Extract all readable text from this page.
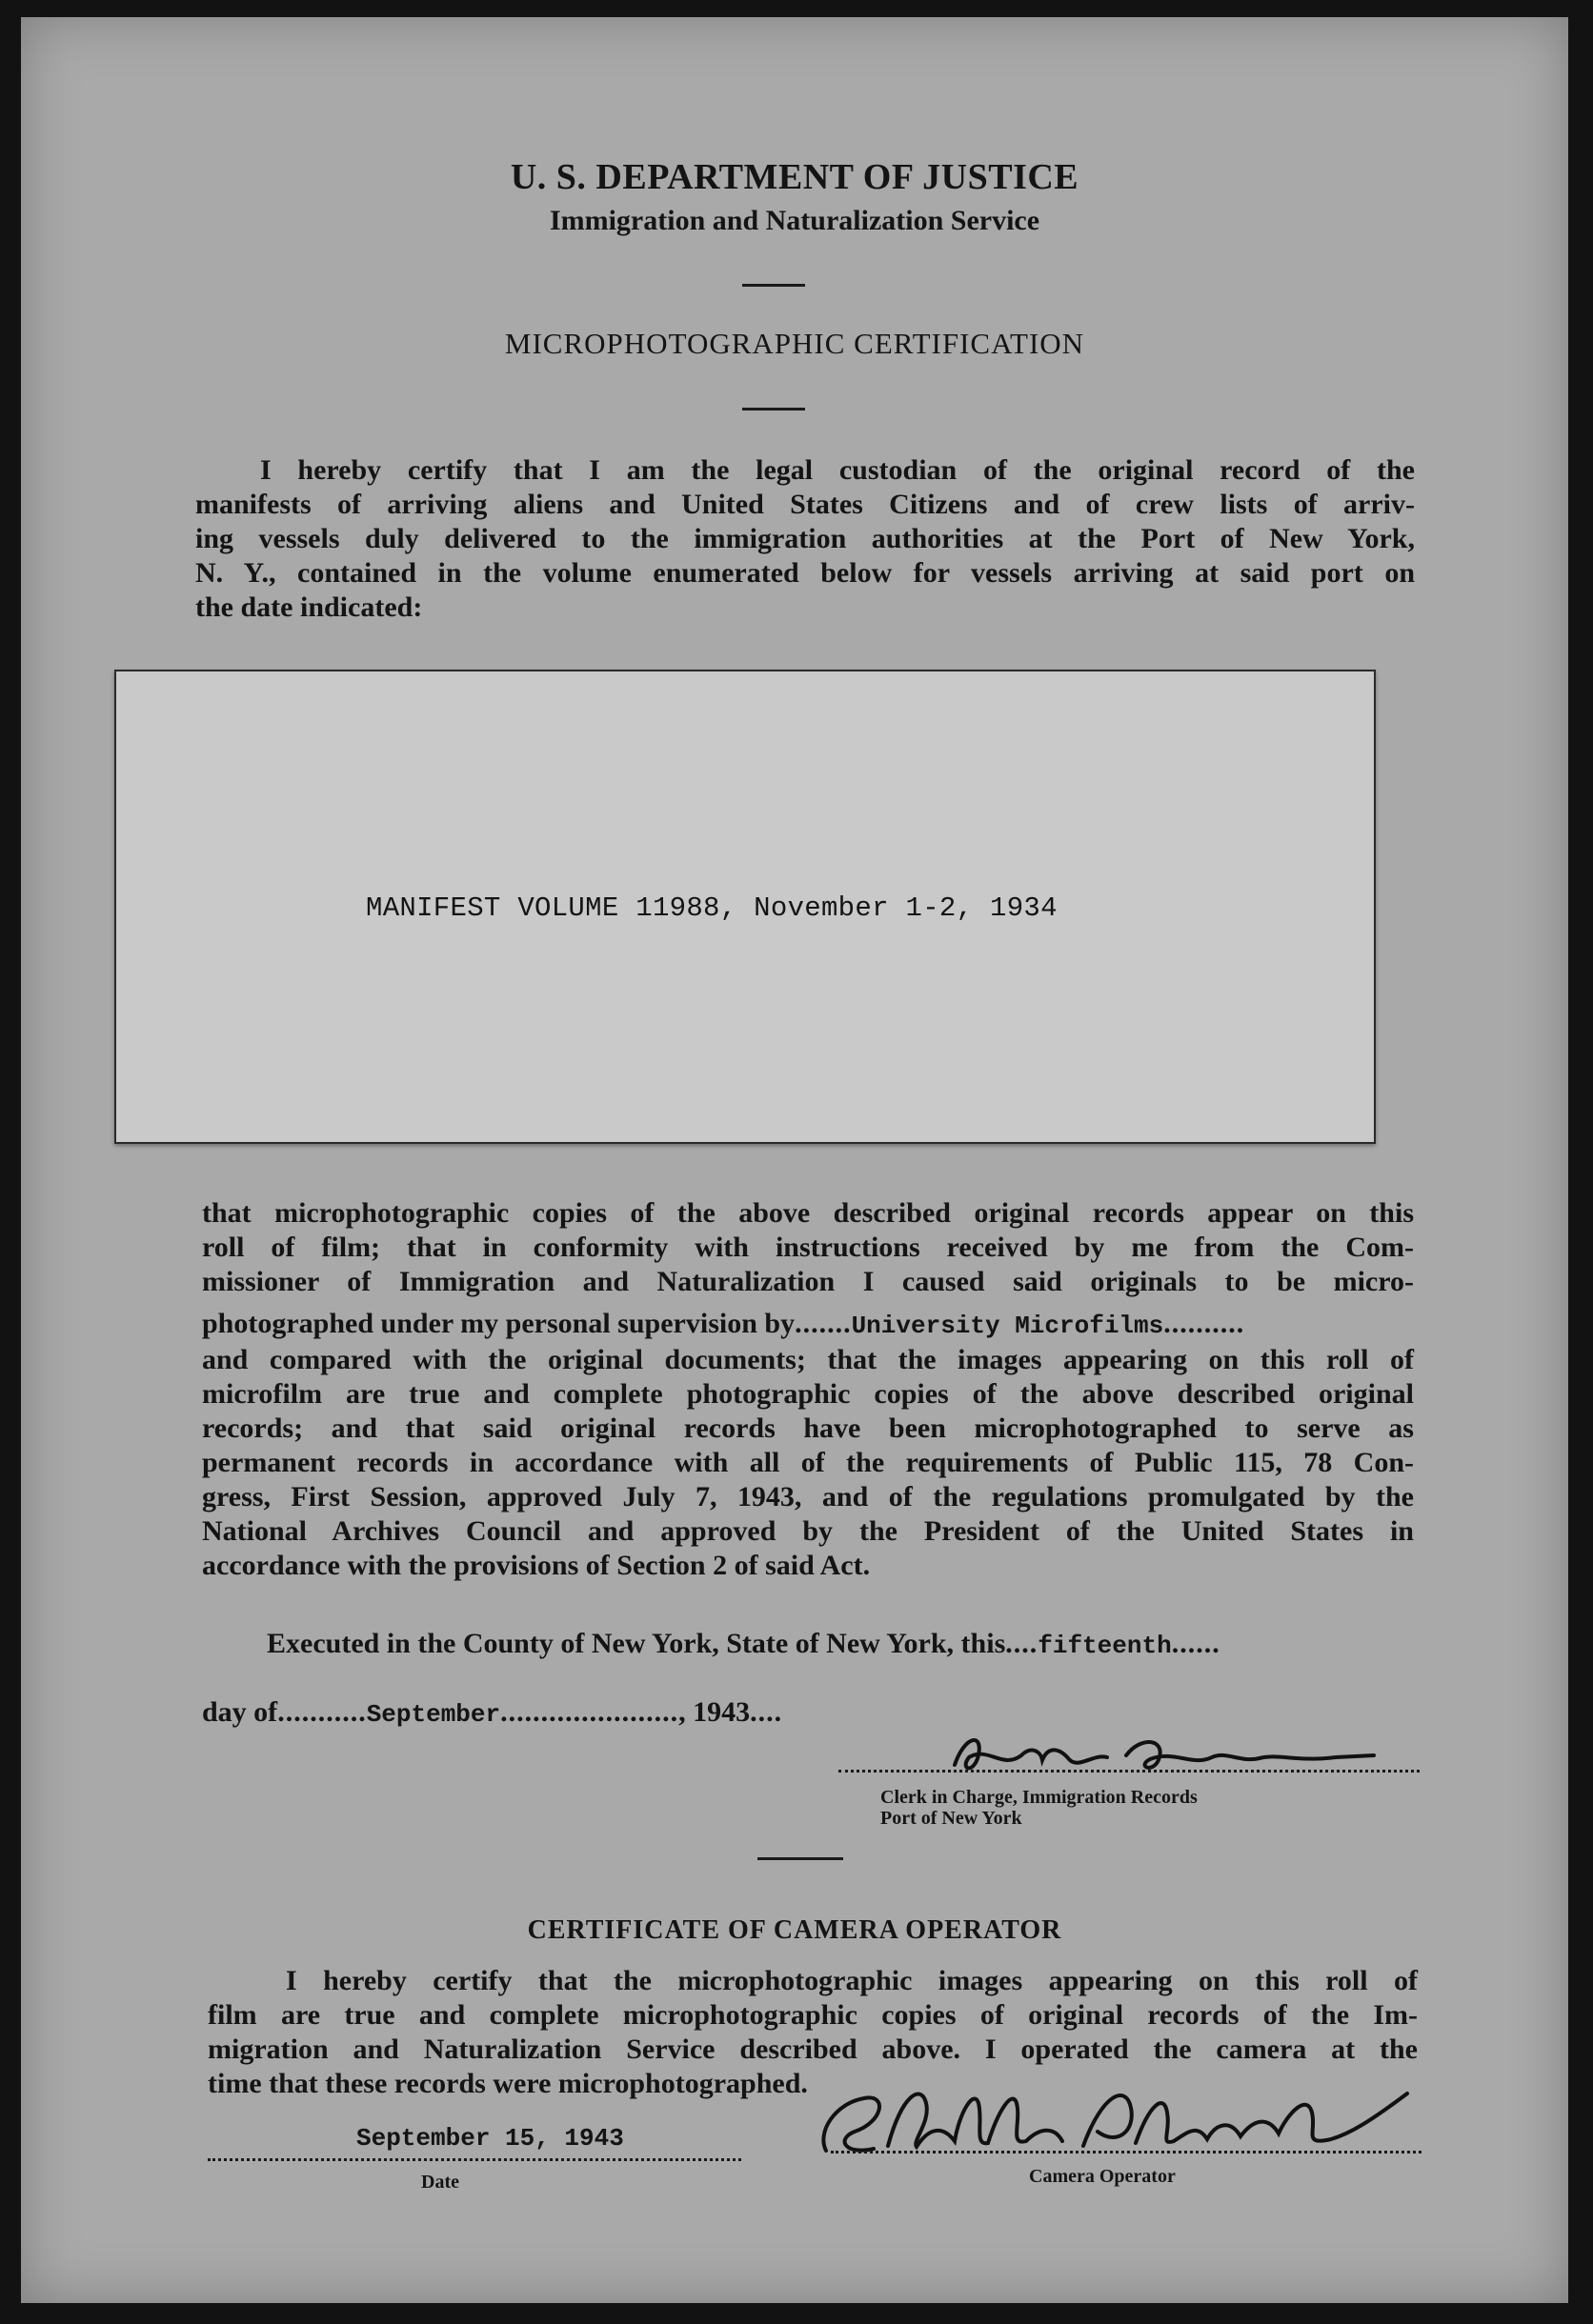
U. S. DEPARTMENT OF JUSTICE
Immigration and Naturalization Service
MICROPHOTOGRAPHIC CERTIFICATION
I hereby certify that I am the legal custodian of the original record of the
manifests of arriving aliens and United States Citizens and of crew lists of arriv-
ing vessels duly delivered to the immigration authorities at the Port of New York,
N. Y., contained in the volume enumerated below for vessels arriving at said port on
the date indicated:
MANIFEST VOLUME 11988, November 1-2, 1934
that microphotographic copies of the above described original records appear on this
roll of film; that in conformity with instructions received by me from the Com-
missioner of Immigration and Naturalization I caused said originals to be micro-
photographed under my personal supervision by.......University Microfilms..........
and compared with the original documents; that the images appearing on this roll of
microfilm are true and complete photographic copies of the above described original
records; and that said original records have been microphotographed to serve as
permanent records in accordance with all of the requirements of Public 115, 78 Con-
gress, First Session, approved July 7, 1943, and of the regulations promulgated by the
National Archives Council and approved by the President of the United States in
accordance with the provisions of Section 2 of said Act.
Executed in the County of New York, State of New York, this....fifteenth......
day of...........September......................, 1943....
Clerk in Charge, Immigration Records
Port of New York
CERTIFICATE OF CAMERA OPERATOR
I hereby certify that the microphotographic images appearing on this roll of
film are true and complete microphotographic copies of original records of the Im-
migration and Naturalization Service described above. I operated the camera at the
time that these records were microphotographed.
September 15, 1943
Date	Camera Operator
